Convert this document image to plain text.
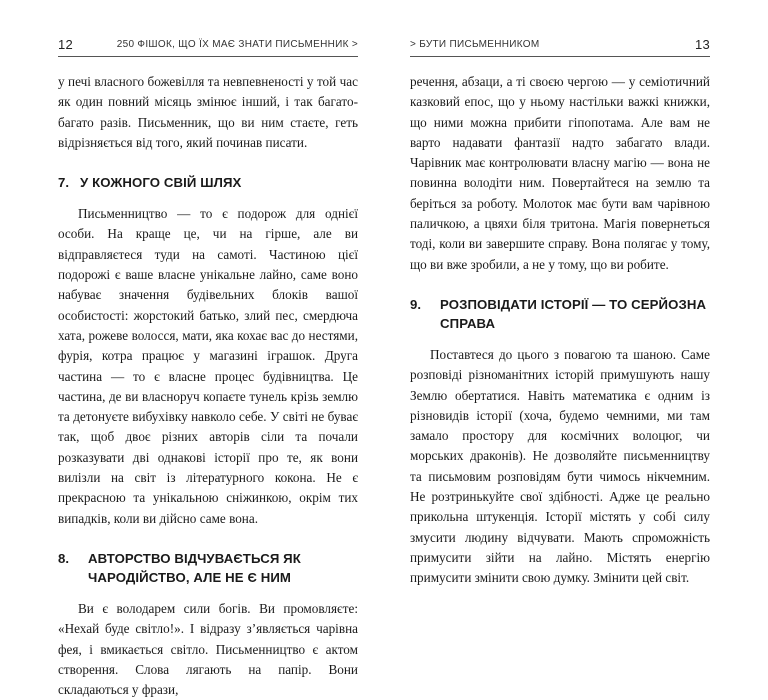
12	250 ФІШОК, ЩО ЇХ МАЄ ЗНАТИ ПИСЬМЕННИК >

у печі власного божевілля та невпевненості у той час як один повний місяць змінює інший, і так багато-багато разів. Письменник, що ви ним стаєте, геть відрізняється від того, який починав писати.

7. У КОЖНОГО СВІЙ ШЛЯХ

Письменництво — то є подорож для однієї особи. На краще це, чи на гірше, але ви відправляєтеся туди на самоті. Частиною цієї подорожі є ваше власне унікальне лайно, саме воно набуває значення будівельних блоків вашої особистості: жорстокий батько, злий пес, смердюча хата, рожеве волосся, мати, яка кохає вас до нестями, фурія, котра працює у магазині іграшок. Друга частина — то є власне процес будівництва. Це частина, де ви власноруч копаєте тунель крізь землю та детонуєте вибухівку навколо себе. У світі не буває так, щоб двоє різних авторів сіли та почали розказувати дві однакові історії про те, як вони вилізли на світ із літературного кокона. Не є прекрасною та унікальною сніжинкою, окрім тих випадків, коли ви дійсно саме вона.

8.	АВТОРСТВО ВІДЧУВАЄТЬСЯ ЯК ЧАРОДІЙСТВО, АЛЕ НЕ Є НИМ

Ви є володарем сили богів. Ви промовляєте: «Нехай буде світло!». І відразу з’являється чарівна фея, і вмикається світло. Письменництво є актом створення. Слова лягають на папір. Вони складаються у фрази,

> БУТИ ПИСЬМЕННИКОМ	13

речення, абзаци, а ті своєю чергою — у семіотичний казковий епос, що у ньому настільки важкі книжки, що ними можна прибити гіпопотама. Але вам не варто надавати фантазії надто забагато влади. Чарівник має контролювати власну магію — вона не повинна володіти ним. Повертайтеся на землю та беріться за роботу. Молоток має бути вам чарівною паличкою, а цвяхи біля тритона. Магія повернеться тоді, коли ви завершите справу. Вона полягає у тому, що ви вже зробили, а не у тому, що ви робите.

9.	РОЗПОВІДАТИ ІСТОРІЇ — ТО СЕРЙОЗНА СПРАВА

Поставтеся до цього з повагою та шаною. Саме розповіді різноманітних історій примушують нашу Землю обертатися. Навіть математика є одним із різновидів історії (хоча, будемо чемними, ми там замало простору для космічних волоцюг, чи морських драконів). Не дозволяйте письменництву та письмовим розповідям бути чимось нікчемним. Не розтринькуйте свої здібності. Адже це реально прикольна штукенція. Історії містять у собі силу змусити людину відчувати. Мають спроможність примусити зійти на лайно. Містять енергію примусити змінити свою думку. Змінити цей світ.
